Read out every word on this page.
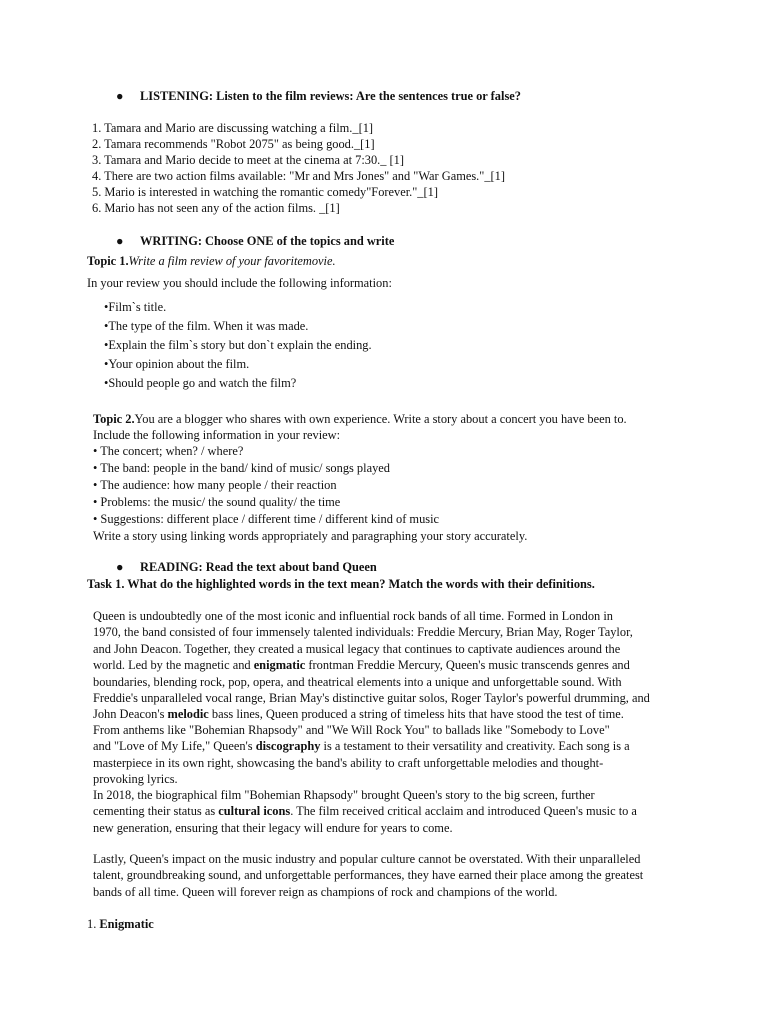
● LISTENING: Listen to the film reviews: Are the sentences true or false?
1. Tamara and Mario are discussing watching a film._[1]
2. Tamara recommends "Robot 2075" as being good._[1]
3. Tamara and Mario decide to meet at the cinema at 7:30._ [1]
4. There are two action films available: "Mr and Mrs Jones" and "War Games."_[1]
5. Mario is interested in watching the romantic comedy"Forever."_[1]
6. Mario has not seen any of the action films. _[1]
● WRITING: Choose ONE of the topics and write
Topic 1.Write a film review of your favoritemovie.
In your review you should include the following information:
•Film`s title.
•The type of the film. When it was made.
•Explain the film`s story but don`t explain the ending.
•Your opinion about the film.
•Should people go and watch the film?
Topic 2.You are a blogger who shares with own experience. Write a story about a concert you have been to.
Include the following information in your review:
• The concert; when? / where?
• The band: people in the band/ kind of music/ songs played
• The audience: how many people / their reaction
• Problems: the music/ the sound quality/ the time
• Suggestions: different place / different time / different kind of music
Write a story using linking words appropriately and paragraphing your story accurately.
● READING: Read the text about band Queen
Task 1. What do the highlighted words in the text mean? Match the words with their definitions.

Queen is undoubtedly one of the most iconic and influential rock bands of all time. Formed in London in

1970, the band consisted of four immensely talented individuals: Freddie Mercury, Brian May, Roger Taylor,

and John Deacon. Together, they created a musical legacy that continues to captivate audiences around the

world. Led by the magnetic and enigmatic frontman Freddie Mercury, Queen's music transcends genres and

boundaries, blending rock, pop, opera, and theatrical elements into a unique and unforgettable sound. With

Freddie's unparalleled vocal range, Brian May's distinctive guitar solos, Roger Taylor's powerful drumming, and

John Deacon's melodic bass lines, Queen produced a string of timeless hits that have stood the test of time.

From anthems like "Bohemian Rhapsody" and "We Will Rock You" to ballads like "Somebody to Love"

and "Love of My Life," Queen's discography is a testament to their versatility and creativity. Each song is a

masterpiece in its own right, showcasing the band's ability to craft unforgettable melodies and thought-

provoking lyrics.

In 2018, the biographical film "Bohemian Rhapsody" brought Queen's story to the big screen, further

cementing their status as cultural icons. The film received critical acclaim and introduced Queen's music to a

new generation, ensuring that their legacy will endure for years to come.

Lastly, Queen's impact on the music industry and popular culture cannot be overstated. With their unparalleled

talent, groundbreaking sound, and unforgettable performances, they have earned their place among the greatest

bands of all time. Queen will forever reign as champions of rock and champions of the world.

1. Enigmatic
